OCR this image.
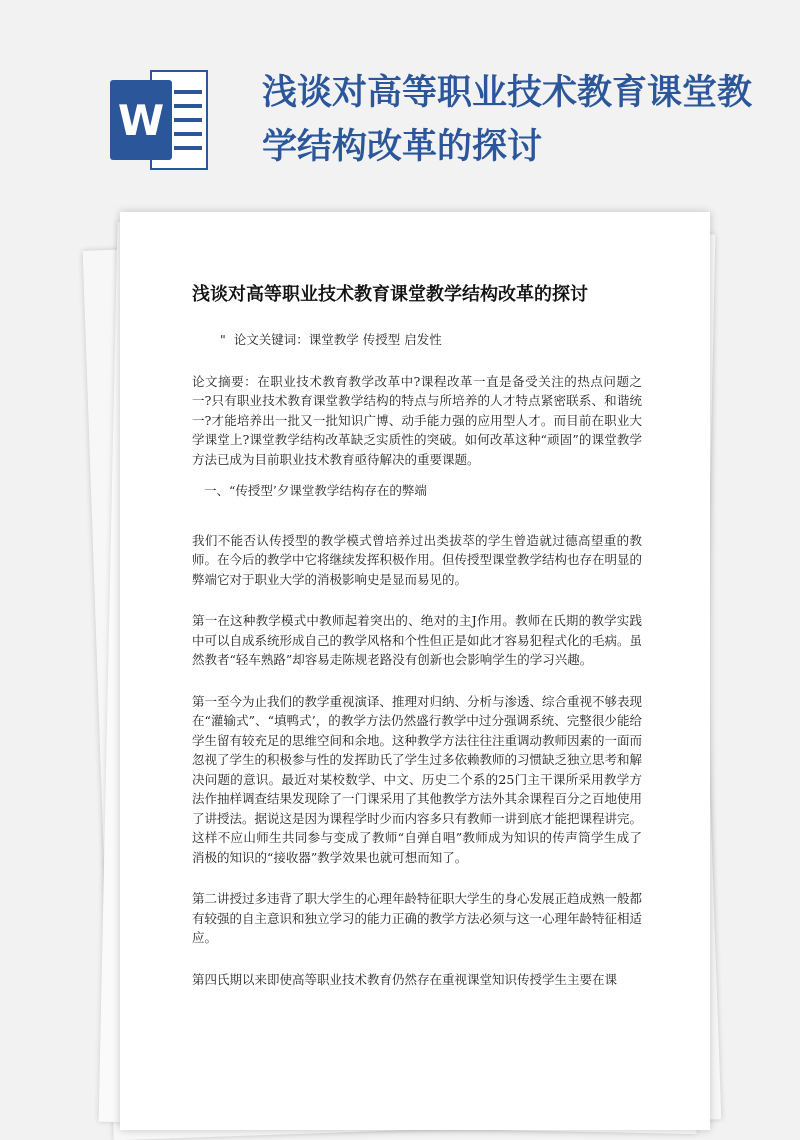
W
浅谈对高等职业技术教育课堂教学结构改革的探讨
浅谈对高等职业技术教育课堂教学结构改革的探讨

" 论文关键词：课堂教学 传授型 启发性

论文摘要：在职业技术教育教学改革中?课程改革一直是备受关注的热点问题之一?只有职业技术教育课堂教学结构的特点与所培养的人才特点紧密联系、和谐统一?才能培养出一批又一批知识广博、动手能力强的应用型人才。而目前在职业大学课堂上?课堂教学结构改革缺乏实质性的突破。如何改革这种“顽固”的课堂教学方法已成为目前职业技术教育亟待解决的重要课题。

一、“传授型’夕课堂教学结构存在的弊端

我们不能否认传授型的教学模式曾培养过出类拔萃的学生曾造就过德高望重的教师。在今后的教学中它将继续发挥积极作用。但传授型课堂教学结构也存在明显的弊端它对于职业大学的消极影响史是显而易见的。

第一在这种教学模式中教师起着突出的、绝对的主J作用。教师在氏期的教学实践中可以自成系统形成自己的教学风格和个性但正是如此才容易犯程式化的毛病。虽然教者“轻车熟路”却容易走陈规老路没有创新也会影响学生的学习兴趣。

第一至今为止我们的教学重视演译、推理对归纳、分析与渗透、综合重视不够表现在“灌输式”、“填鸭式’，的教学方法仍然盛行教学中过分强调系统、完整很少能给学生留有较充足的思维空间和余地。这种教学方法往往注重调动教师因素的一面而忽视了学生的积极参与性的发挥助氏了学生过多依赖教师的习惯缺乏独立思考和解决问题的意识。最近对某校数学、中文、历史二个系的25门主干课所采用教学方法作抽样调查结果发现除了一门课采用了其他教学方法外其余课程百分之百地使用了讲授法。据说这是因为课程学时少而内容多只有教师一讲到底才能把课程讲完。这样不应山师生共同参与变成了教师“自弹自唱”教师成为知识的传声筒学生成了消极的知识的“接收器”教学效果也就可想而知了。

第二讲授过多违背了职大学生的心理年龄特征职大学生的身心发展正趋成熟一般都有较强的自主意识和独立学习的能力正确的教学方法必须与这一心理年龄特征相适应。

第四氏期以来即使高等职业技术教育仍然存在重视课堂知识传授学生主要在课
